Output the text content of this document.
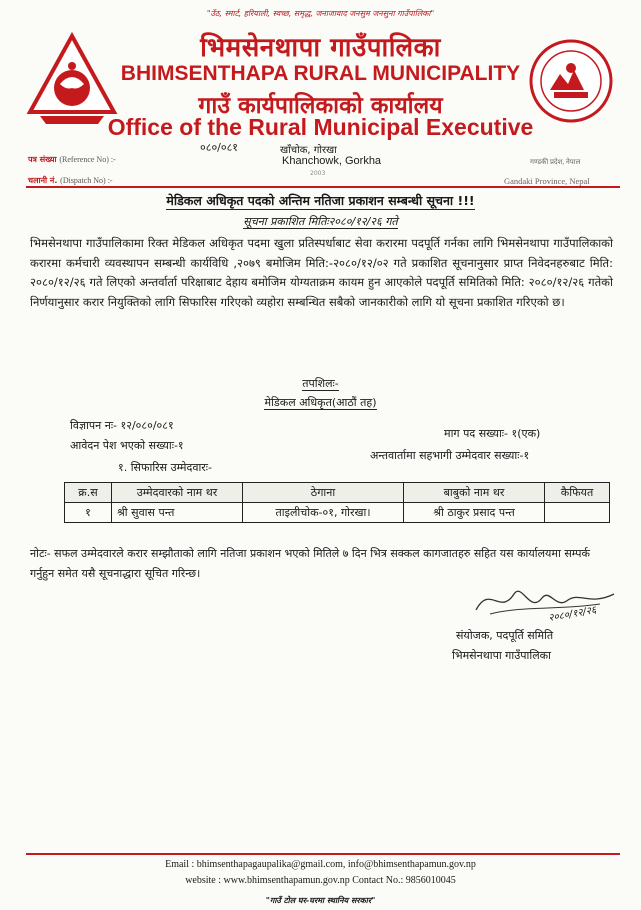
"उँठ, स्मार्ट, हरियाली, स्वच्छ, समृद्ध, जनाजावाद जनसुम जनसुना गाउँपालिका"
भिमसेनथापा गाउँपालिका
BHIMSENTHAPA RURAL MUNICIPALITY
गाउँ कार्यपालिकाको कार्यालय
Office of the Rural Municipal Executive
०८०/०८१	खाँचोक, गोरखा
Khanchowk, Gorkha
2003
पत्र संख्या (Reference No) :-
चलानी नं. (Dispatch No) :-
गण्डकी प्रदेश, नेपाल
Gandaki Province, Nepal
मेडिकल अधिकृत पदको अन्तिम नतिजा प्रकाशन सम्बन्धी सूचना !!!
सूचना प्रकाशित मितिः२०८०/१२/२६ गते
भिमसेनथापा गाउँपालिकामा रिक्त मेडिकल अधिकृत पदमा खुला प्रतिस्पर्धाबाट सेवा करारमा पदपूर्ति गर्नका लागि भिमसेनथापा गाउँपालिकाको करारमा कर्मचारी व्यवस्थापन सम्बन्धी कार्यविधि ,२०७९ बमोजिम मिति:-२०८०/१२/०२ गते प्रकाशित सूचनानुसार प्राप्त निवेदनहरुबाट मिति: २०८०/१२/२६ गते लिएको अन्तर्वार्ता परिक्षाबाट देहाय बमोजिम योग्यताक्रम कायम हुन आएकोले पदपूर्ति समितिको मिति: २०८०/१२/२६ गतेको निर्णयानुसार करार नियुक्तिको लागि सिफारिस गरिएको व्यहोरा सम्बन्धित सबैको जानकारीको लागि यो सूचना प्रकाशित गरिएको छ।
तपशिलः-
मेडिकल अधिकृत(आठौं तह)
विज्ञापन नः- १२/०८०/०८१
माग पद सख्याः- १(एक)
आवेदन पेश भएको सख्याः-१
अन्तवार्तामा सहभागी उम्मेदवार सख्याः-१
१. सिफारिस उम्मेदवारः-
क्र.स	उम्मेदवारको नाम थर	ठेगाना	बाबुको नाम थर	कैफियत
१	श्री सुवास पन्त	ताइलीचोक-०१, गोरखा।	श्री ठाकुर प्रसाद पन्त	
नोटः- सफल उम्मेदवारले करार सम्झौताको लागि नतिजा प्रकाशन भएको मितिले ७ दिन भित्र सक्कल कागजातहरु सहित यस कार्यालयमा सम्पर्क गर्नुहुन समेत यसै सूचनाद्धारा सूचित गरिन्छ।
२०८०/१२/२६
संयोजक, पदपूर्ति समिति
भिमसेनथापा गाउँपालिका
Email : bhimsenthapagaupalika@gmail.com, info@bhimsenthapamun.gov.np
website : www.bhimsenthapamun.gov.np Contact No.: 9856010045
"गाउँ टोल घर-घरमा स्थानिय सरकार"
